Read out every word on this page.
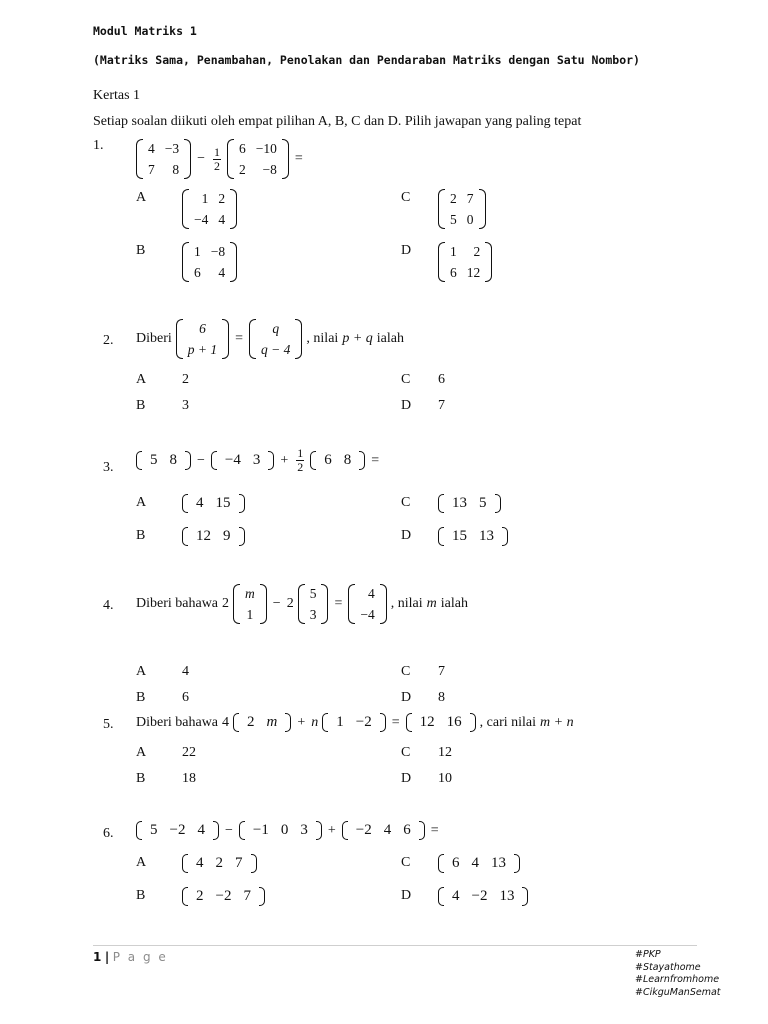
Modul Matriks 1
(Matriks Sama, Penambahan, Penolakan dan Pendaraban Matriks dengan Satu Nombor)
Kertas 1
Setiap soalan diikuti oleh empat pilihan A, B, C dan D. Pilih jawapan yang paling tepat
1.	4	−3
7	8
− $\frac{1}{2} 6$	−10
2	−8
=
A	1	2
−4	4
C	2	7
5	0
B	1	−8
6	4
D	1	2
6	12
2. Diberi
6
p + 1
=
q
q − 4
, nilai p + q ialah
A	2	C 6
B	3	D 7
3.	5 8	−	−4 3	+ $\frac{1}{2}$	6 8	=
A	4 15	C	13 5
B	12 9	D	15 13
4. Diberi bahawa 2
m
1
− 2
5
3
=
4
−4
, nilai m ialah
A	4	C 7
B	6	D 8
5. Diberi bahawa 4	2 m	+ n	1 −2	=	12 16	, cari nilai m + n
A	22	C 12
B	18	D 10
6.	5 −2 4	−	−1 0 3	+	−2 4 6	=
A	4 2 7	C	6 4 13
B	2 −2 7	D	4 −2 13
1 | P a g e	#PKP
#Stayathome
#Learnfromhome
#CikguManSemat
